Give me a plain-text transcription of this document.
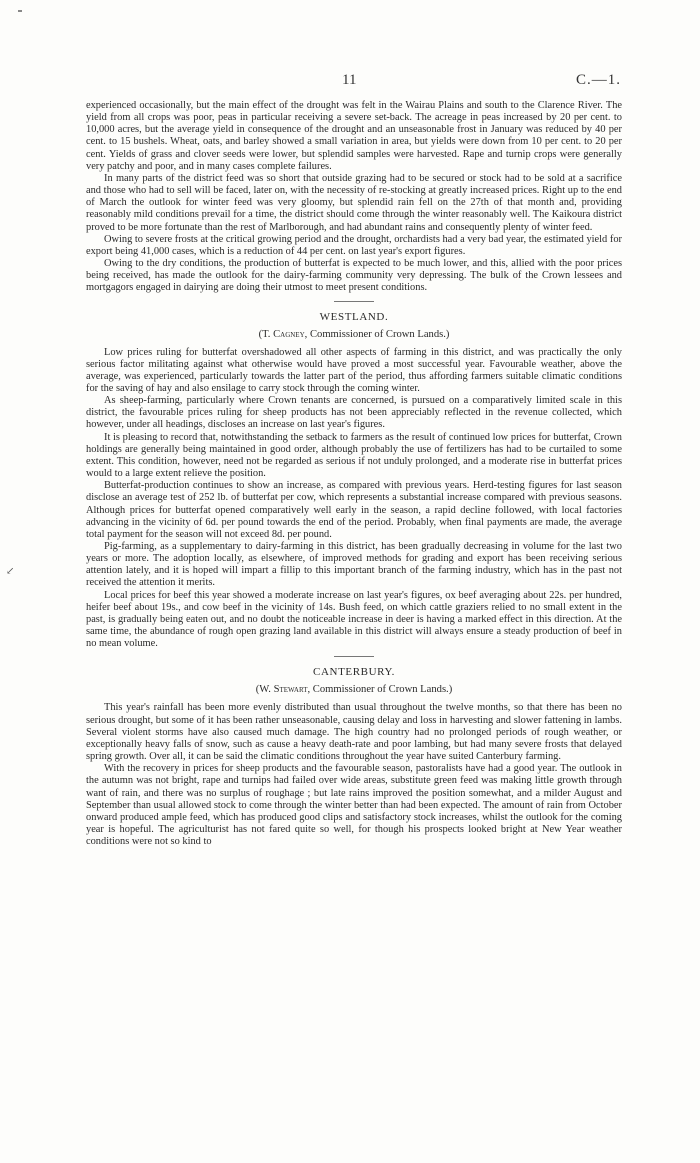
11	C.—1.
↙

experienced occasionally, but the main effect of the drought was felt in the Wairau Plains and south to the Clarence River. The yield from all crops was poor, peas in particular receiving a severe set-back. The acreage in peas increased by 20 per cent. to 10,000 acres, but the average yield in consequence of the drought and an unseasonable frost in January was reduced by 40 per cent. to 15 bushels. Wheat, oats, and barley showed a small variation in area, but yields were down from 10 per cent. to 20 per cent. Yields of grass and clover seeds were lower, but splendid samples were harvested. Rape and turnip crops were generally very patchy and poor, and in many cases complete failures.

In many parts of the district feed was so short that outside grazing had to be secured or stock had to be sold at a sacrifice and those who had to sell will be faced, later on, with the necessity of re-stocking at greatly increased prices. Right up to the end of March the outlook for winter feed was very gloomy, but splendid rain fell on the 27th of that month and, providing reasonably mild conditions prevail for a time, the district should come through the winter reasonably well. The Kaikoura district proved to be more fortunate than the rest of Marlborough, and had abundant rains and consequently plenty of winter feed.

Owing to severe frosts at the critical growing period and the drought, orchardists had a very bad year, the estimated yield for export being 41,000 cases, which is a reduction of 44 per cent. on last year's export figures.

Owing to the dry conditions, the production of butterfat is expected to be much lower, and this, allied with the poor prices being received, has made the outlook for the dairy-farming community very depressing. The bulk of the Crown lessees and mortgagors engaged in dairying are doing their utmost to meet present conditions.

WESTLAND.
(T. Cagney, Commissioner of Crown Lands.)

Low prices ruling for butterfat overshadowed all other aspects of farming in this district, and was practically the only serious factor militating against what otherwise would have proved a most successful year. Favourable weather, above the average, was experienced, particularly towards the latter part of the period, thus affording farmers suitable climatic conditions for the saving of hay and also ensilage to carry stock through the coming winter.

As sheep-farming, particularly where Crown tenants are concerned, is pursued on a comparatively limited scale in this district, the favourable prices ruling for sheep products has not been appreciably reflected in the revenue collected, which however, under all headings, discloses an increase on last year's figures.

It is pleasing to record that, notwithstanding the setback to farmers as the result of continued low prices for butterfat, Crown holdings are generally being maintained in good order, although probably the use of fertilizers has had to be curtailed to some extent. This condition, however, need not be regarded as serious if not unduly prolonged, and a moderate rise in butterfat prices would to a large extent relieve the position.

Butterfat-production continues to show an increase, as compared with previous years. Herd-testing figures for last season disclose an average test of 252 lb. of butterfat per cow, which represents a substantial increase compared with previous seasons. Although prices for butterfat opened comparatively well early in the season, a rapid decline followed, with local factories advancing in the vicinity of 6d. per pound towards the end of the period. Probably, when final payments are made, the average total payment for the season will not exceed 8d. per pound.

Pig-farming, as a supplementary to dairy-farming in this district, has been gradually decreasing in volume for the last two years or more. The adoption locally, as elsewhere, of improved methods for grading and export has been receiving serious attention lately, and it is hoped will impart a fillip to this important branch of the farming industry, which has in the past not received the attention it merits.

Local prices for beef this year showed a moderate increase on last year's figures, ox beef averaging about 22s. per hundred, heifer beef about 19s., and cow beef in the vicinity of 14s. Bush feed, on which cattle graziers relied to no small extent in the past, is gradually being eaten out, and no doubt the noticeable increase in deer is having a marked effect in this direction. At the same time, the abundance of rough open grazing land available in this district will always ensure a steady production of beef in no mean volume.

CANTERBURY.
(W. Stewart, Commissioner of Crown Lands.)

This year's rainfall has been more evenly distributed than usual throughout the twelve months, so that there has been no serious drought, but some of it has been rather unseasonable, causing delay and loss in harvesting and slower fattening in lambs. Several violent storms have also caused much damage. The high country had no prolonged periods of rough weather, or exceptionally heavy falls of snow, such as cause a heavy death-rate and poor lambing, but had many severe frosts that delayed spring growth. Over all, it can be said the climatic conditions throughout the year have suited Canterbury farming.

With the recovery in prices for sheep products and the favourable season, pastoralists have had a good year. The outlook in the autumn was not bright, rape and turnips had failed over wide areas, substitute green feed was making little growth through want of rain, and there was no surplus of roughage ; but late rains improved the position somewhat, and a milder August and September than usual allowed stock to come through the winter better than had been expected. The amount of rain from October onward produced ample feed, which has produced good clips and satisfactory stock increases, whilst the outlook for the coming year is hopeful. The agriculturist has not fared quite so well, for though his prospects looked bright at New Year weather conditions were not so kind to
